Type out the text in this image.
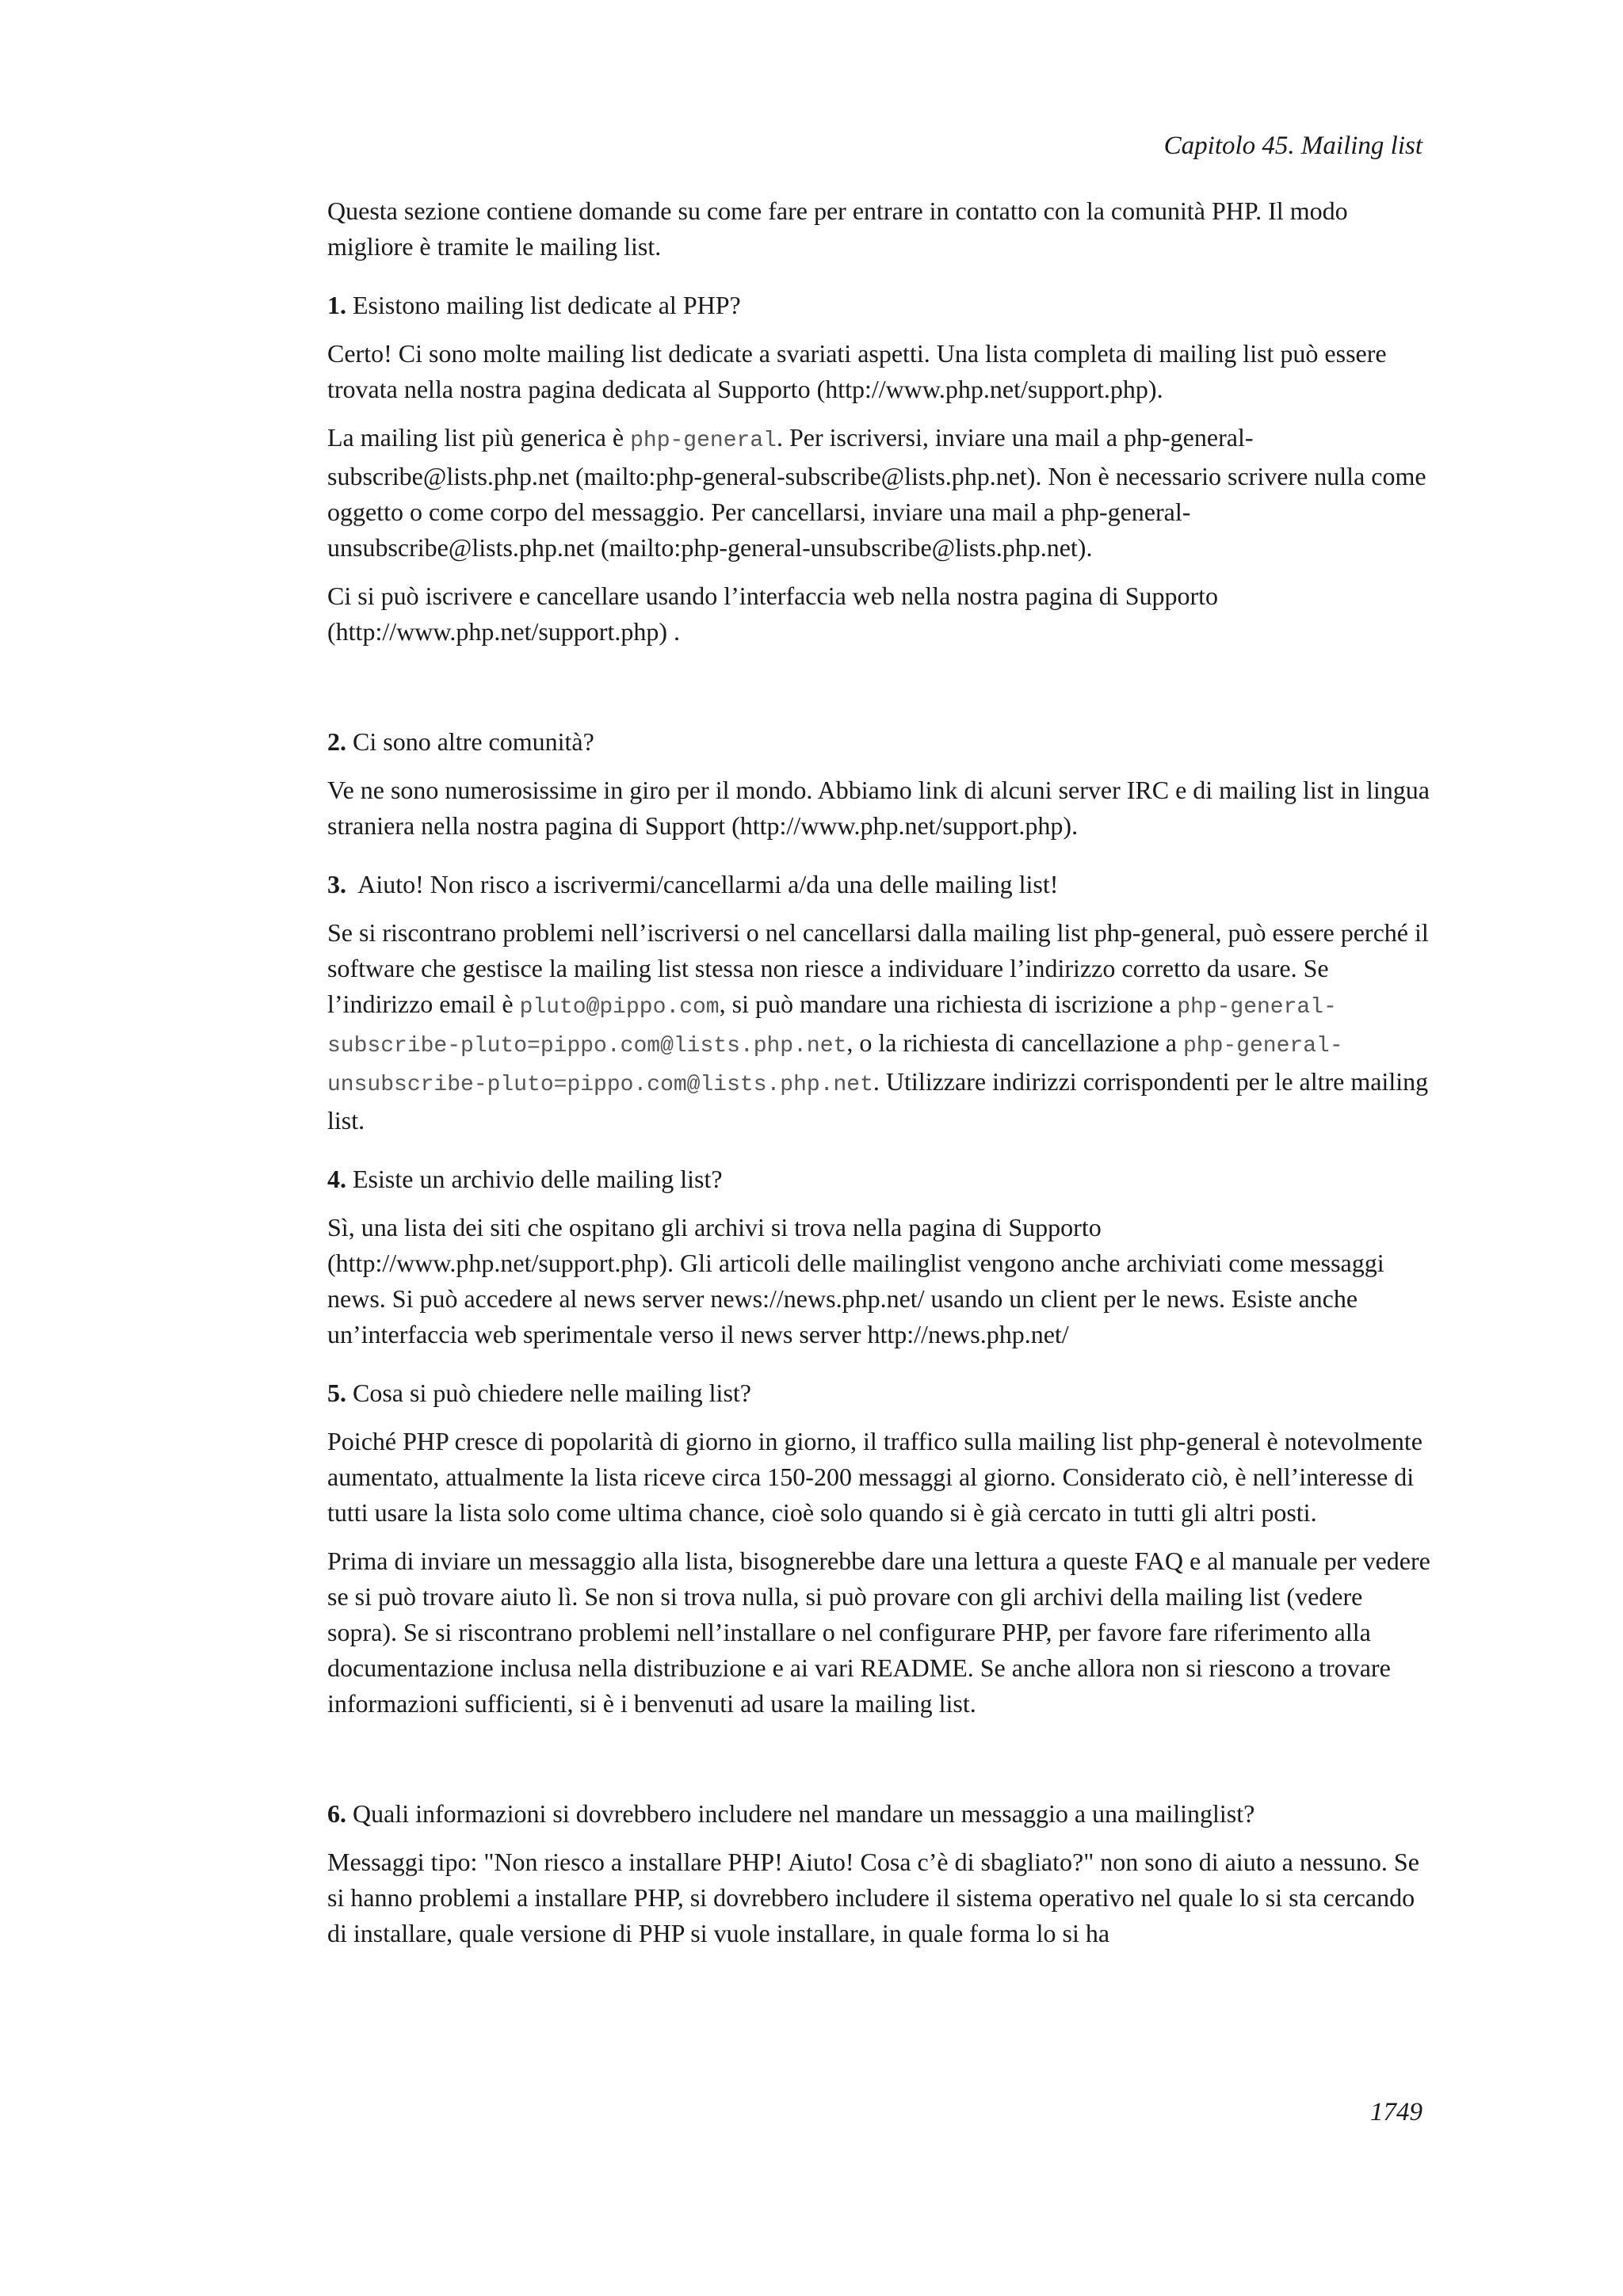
Capitolo 45. Mailing list

Questa sezione contiene domande su come fare per entrare in contatto con la comunità PHP. Il modo migliore è tramite le mailing list.

1. Esistono mailing list dedicate al PHP?

Certo! Ci sono molte mailing list dedicate a svariati aspetti. Una lista completa di mailing list può essere trovata nella nostra pagina dedicata al Supporto (http://www.php.net/support.php).

La mailing list più generica è php-general. Per iscriversi, inviare una mail a php-general-subscribe@lists.php.net (mailto:php-general-subscribe@lists.php.net). Non è necessario scrivere nulla come oggetto o come corpo del messaggio. Per cancellarsi, inviare una mail a php-general-unsubscribe@lists.php.net (mailto:php-general-unsubscribe@lists.php.net).

Ci si può iscrivere e cancellare usando l’interfaccia web nella nostra pagina di Supporto (http://www.php.net/support.php) .

2. Ci sono altre comunità?

Ve ne sono numerosissime in giro per il mondo. Abbiamo link di alcuni server IRC e di mailing list in lingua straniera nella nostra pagina di Support (http://www.php.net/support.php).

3.  Aiuto! Non risco a iscrivermi/cancellarmi a/da una delle mailing list!

Se si riscontrano problemi nell’iscriversi o nel cancellarsi dalla mailing list php-general, può essere perché il software che gestisce la mailing list stessa non riesce a individuare l’indirizzo corretto da usare. Se l’indirizzo email è pluto@pippo.com, si può mandare una richiesta di iscrizione a php-general-subscribe-pluto=pippo.com@lists.php.net, o la richiesta di cancellazione a php-general-unsubscribe-pluto=pippo.com@lists.php.net. Utilizzare indirizzi corrispondenti per le altre mailing list.

4. Esiste un archivio delle mailing list?

Sì, una lista dei siti che ospitano gli archivi si trova nella pagina di Supporto (http://www.php.net/support.php). Gli articoli delle mailinglist vengono anche archiviati come messaggi news. Si può accedere al news server news://news.php.net/ usando un client per le news. Esiste anche un’interfaccia web sperimentale verso il news server http://news.php.net/

5. Cosa si può chiedere nelle mailing list?

Poiché PHP cresce di popolarità di giorno in giorno, il traffico sulla mailing list php-general è notevolmente aumentato, attualmente la lista riceve circa 150-200 messaggi al giorno. Considerato ciò, è nell’interesse di tutti usare la lista solo come ultima chance, cioè solo quando si è già cercato in tutti gli altri posti.

Prima di inviare un messaggio alla lista, bisognerebbe dare una lettura a queste FAQ e al manuale per vedere se si può trovare aiuto lì. Se non si trova nulla, si può provare con gli archivi della mailing list (vedere sopra). Se si riscontrano problemi nell’installare o nel configurare PHP, per favore fare riferimento alla documentazione inclusa nella distribuzione e ai vari README. Se anche allora non si riescono a trovare informazioni sufficienti, si è i benvenuti ad usare la mailing list.

6. Quali informazioni si dovrebbero includere nel mandare un messaggio a una mailinglist?

Messaggi tipo: "Non riesco a installare PHP! Aiuto! Cosa c’è di sbagliato?" non sono di aiuto a nessuno. Se si hanno problemi a installare PHP, si dovrebbero includere il sistema operativo nel quale lo si sta cercando di installare, quale versione di PHP si vuole installare, in quale forma lo si ha

1749
